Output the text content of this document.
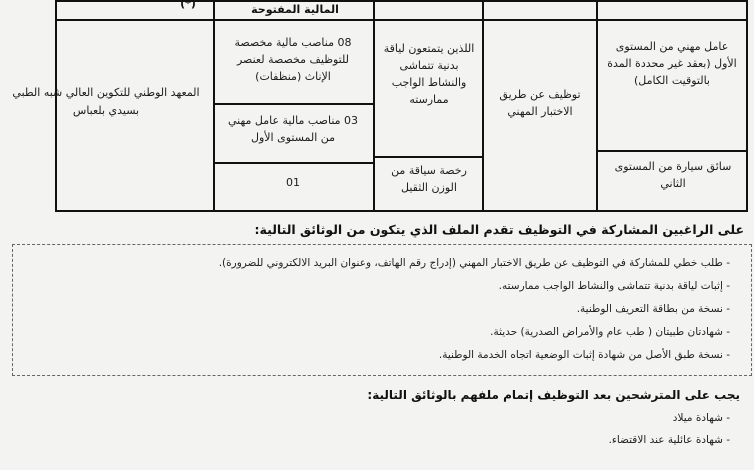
(*)	المالية المفتوحة
المعهد الوطني للتكوين العالي شبه الطبي بسيدي بلعباس
08 مناصب مالية مخصصة للتوظيف مخصصة لعنصر الإناث (منظفات)
03 مناصب مالية عامل مهني من المستوى الأول
01
اللذين يتمتعون لياقة بدنية تتماشى والنشاط الواجب ممارسته
رخصة سياقة من الوزن الثقيل
توظيف عن طريق الاختبار المهني
عامل مهني من المستوى الأول (بعقد غير محددة المدة بالتوقيت الكامل)
سائق سيارة من المستوى الثاني
على الراغبين المشاركة في التوظيف تقدم الملف الذي يتكون من الوثائق التالية:
- طلب خطي للمشاركة في التوظيف عن طريق الاختبار المهني (إدراج رقم الهاتف، وعنوان البريد الالكتروني للضرورة).
- إثبات لياقة بدنية تتماشى والنشاط الواجب ممارسته.
- نسخة من بطاقة التعريف الوطنية.
- شهادتان طبيتان ( طب عام والأمراض الصدرية) حديثة.
- نسخة طبق الأصل من شهادة إثبات الوضعية اتجاه الخدمة الوطنية.
يجب على المترشحين بعد التوظيف إتمام ملفهم بالوثائق التالية:
- شهادة ميلاد
- شهادة عائلية عند الاقتضاء.
